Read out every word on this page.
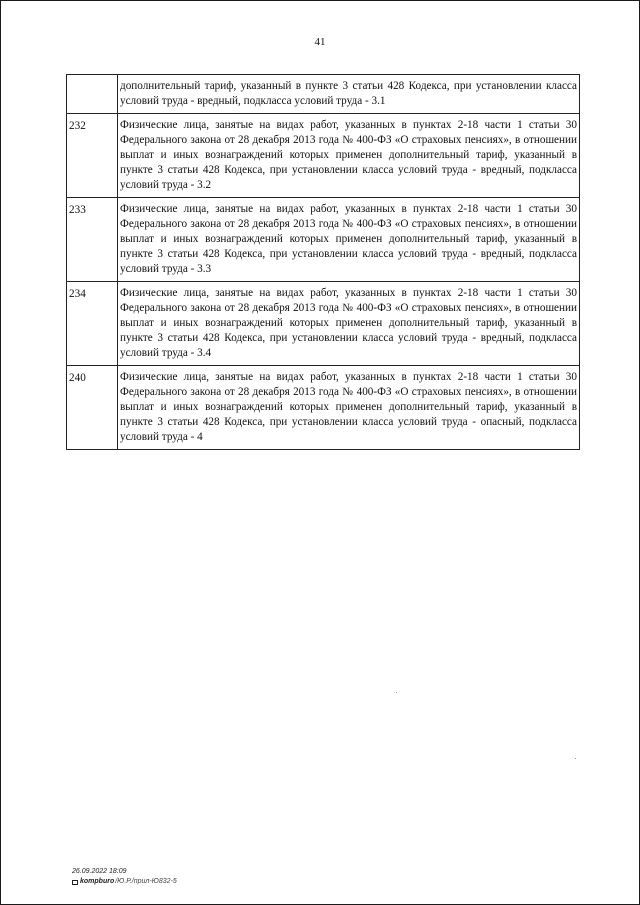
41
	дополнительный тариф, указанный в пункте 3 статьи 428 Кодекса, при установлении класса условий труда - вредный, подкласса условий труда - 3.1
232	Физические лица, занятые на видах работ, указанных в пунктах 2-18 части 1 статьи 30 Федерального закона от 28 декабря 2013 года № 400-ФЗ «О страховых пенсиях», в отношении выплат и иных вознаграждений которых применен дополнительный тариф, указанный в пункте 3 статьи 428 Кодекса, при установлении класса условий труда - вредный, подкласса условий труда - 3.2
233	Физические лица, занятые на видах работ, указанных в пунктах 2-18 части 1 статьи 30 Федерального закона от 28 декабря 2013 года № 400-ФЗ «О страховых пенсиях», в отношении выплат и иных вознаграждений которых применен дополнительный тариф, указанный в пункте 3 статьи 428 Кодекса, при установлении класса условий труда - вредный, подкласса условий труда - 3.3
234	Физические лица, занятые на видах работ, указанных в пунктах 2-18 части 1 статьи 30 Федерального закона от 28 декабря 2013 года № 400-ФЗ «О страховых пенсиях», в отношении выплат и иных вознаграждений которых применен дополнительный тариф, указанный в пункте 3 статьи 428 Кодекса, при установлении класса условий труда - вредный, подкласса условий труда - 3.4
240	Физические лица, занятые на видах работ, указанных в пунктах 2-18 части 1 статьи 30 Федерального закона от 28 декабря 2013 года № 400-ФЗ «О страховых пенсиях», в отношении выплат и иных вознаграждений которых применен дополнительный тариф, указанный в пункте 3 статьи 428 Кодекса, при установлении класса условий труда - опасный, подкласса условий труда - 4
26.09.2022 18:09
kompburo /Ю.Р./прил-Ю832-5
